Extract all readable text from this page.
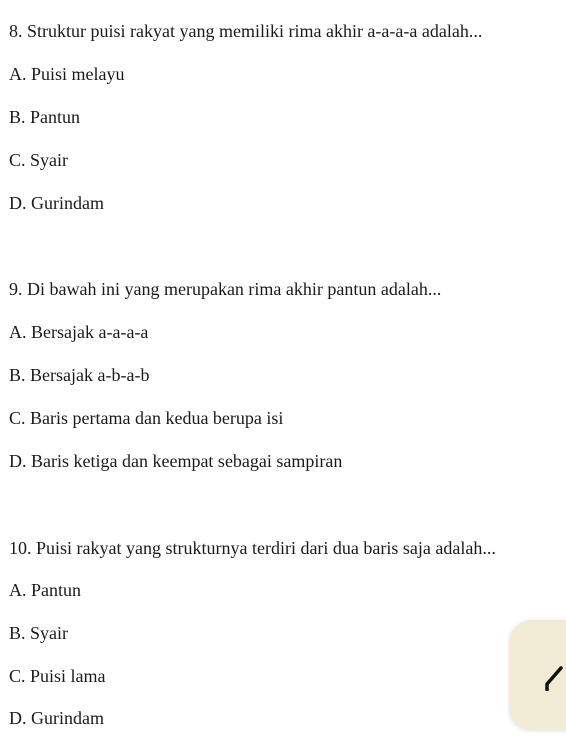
8. Struktur puisi rakyat yang memiliki rima akhir a-a-a-a adalah...
A. Puisi melayu
B. Pantun
C. Syair
D. Gurindam
9. Di bawah ini yang merupakan rima akhir pantun adalah...
A. Bersajak a-a-a-a
B. Bersajak a-b-a-b
C. Baris pertama dan kedua berupa isi
D. Baris ketiga dan keempat sebagai sampiran
10. Puisi rakyat yang strukturnya terdiri dari dua baris saja adalah...
A. Pantun
B. Syair
C. Puisi lama
D. Gurindam
